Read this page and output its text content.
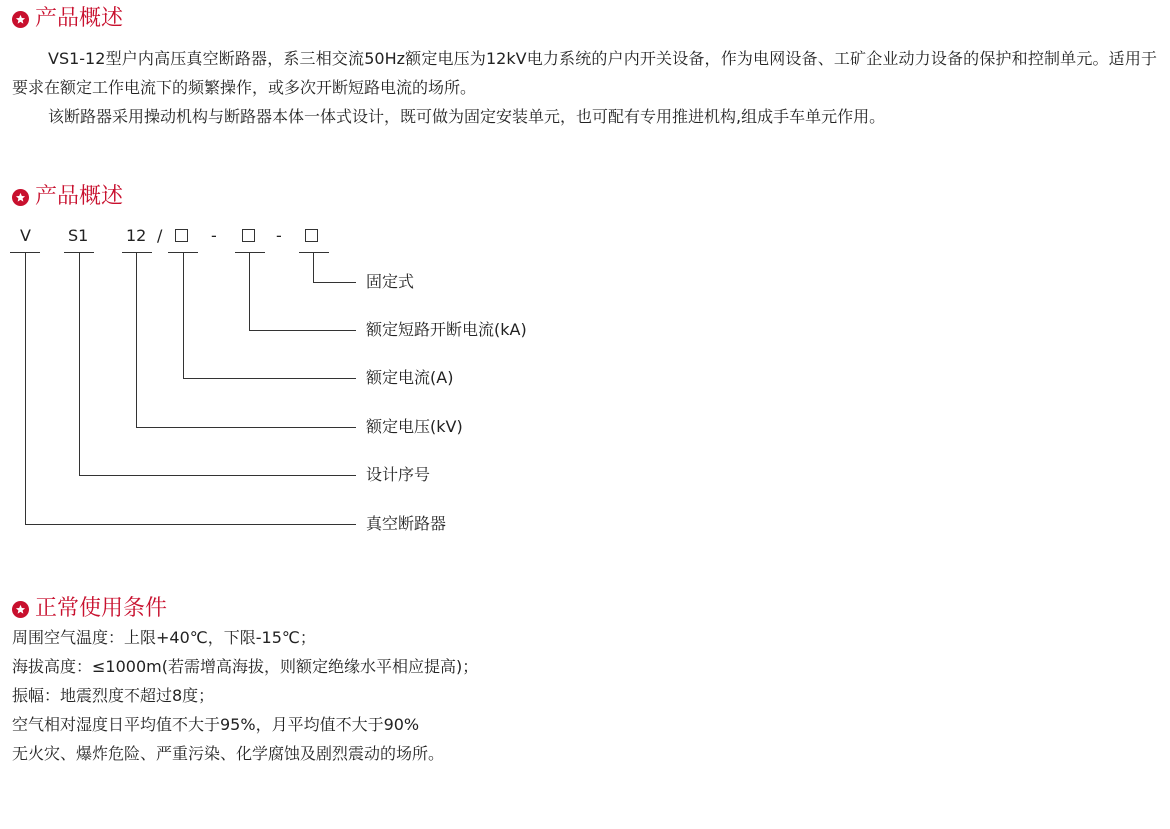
产品概述

VS1-12型户内高压真空断路器，系三相交流50Hz额定电压为12kV电力系统的户内开关设备，作为电网设备、工矿企业动力设备的保护和控制单元。适用于要求在额定工作电流下的频繁操作，或多次开断短路电流的场所。

该断路器采用操动机构与断路器本体一体式设计，既可做为固定安装单元，也可配有专用推进机构,组成手车单元作用。

产品概述
V S1 12 /	-	-
固定式
额定短路开断电流(kA)
额定电流(A)
额定电压(kV)
设计序号
真空断路器
正常使用条件
周围空气温度：上限+40℃，下限-15℃；
海拔高度：≤1000m(若需增高海拔，则额定绝缘水平相应提高)；
振幅：地震烈度不超过8度；
空气相对湿度日平均值不大于95%，月平均值不大于90%
无火灾、爆炸危险、严重污染、化学腐蚀及剧烈震动的场所。
